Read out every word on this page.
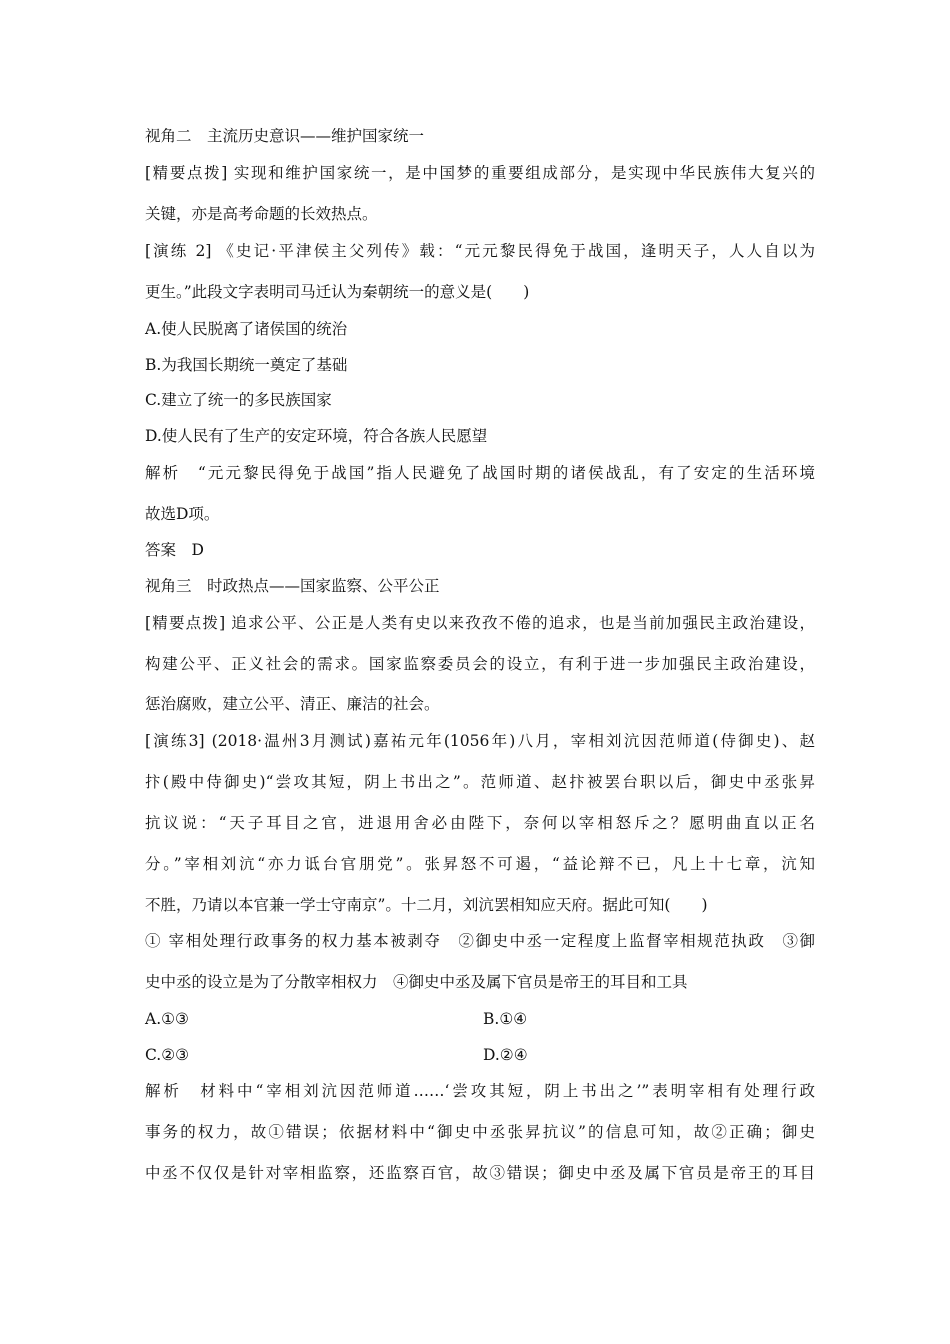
视角二　主流历史意识——维护国家统一
[精要点拨] 实现和维护国家统一，是中国梦的重要组成部分，是实现中华民族伟大复兴的
关键，亦是高考命题的长效热点。
[演练 2] 《史记·平津侯主父列传》载：“元元黎民得免于战国，逢明天子，人人自以为
更生。”此段文字表明司马迁认为秦朝统一的意义是(　　)
A.使人民脱离了诸侯国的统治
B.为我国长期统一奠定了基础
C.建立了统一的多民族国家
D.使人民有了生产的安定环境，符合各族人民愿望
解析　“元元黎民得免于战国”指人民避免了战国时期的诸侯战乱，有了安定的生活环境
故选D项。
答案　D
视角三　时政热点——国家监察、公平公正
[精要点拨] 追求公平、公正是人类有史以来孜孜不倦的追求，也是当前加强民主政治建设，
构建公平、正义社会的需求。国家监察委员会的设立，有利于进一步加强民主政治建设，
惩治腐败，建立公平、清正、廉洁的社会。
[演练3] (2018·温州3月测试)嘉祐元年(1056年)八月，宰相刘沆因范师道(侍御史)、赵
抃(殿中侍御史)“尝攻其短，阴上书出之”。范师道、赵抃被罢台职以后，御史中丞张昇
抗议说：“天子耳目之官，进退用舍必由陛下，奈何以宰相怒斥之？愿明曲直以正名
分。”宰相刘沆“亦力诋台官朋党”。张昇怒不可遏，“益论辩不已，凡上十七章，沆知
不胜，乃请以本官兼一学士守南京”。十二月，刘沆罢相知应天府。据此可知(　　)
① 宰相处理行政事务的权力基本被剥夺　②御史中丞一定程度上监督宰相规范执政　③御
史中丞的设立是为了分散宰相权力　④御史中丞及属下官员是帝王的耳目和工具
A.①③	B.①④
C.②③	D.②④
解析　材料中“宰相刘沆因范师道……‘尝攻其短，阴上书出之’”表明宰相有处理行政
事务的权力，故①错误；依据材料中“御史中丞张昇抗议”的信息可知，故②正确；御史
中丞不仅仅是针对宰相监察，还监察百官，故③错误；御史中丞及属下官员是帝王的耳目
